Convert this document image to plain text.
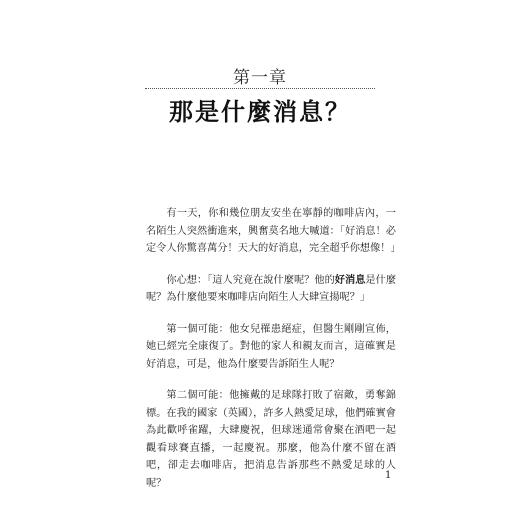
第一章
那是什麼消息？

有一天，你和幾位朋友安坐在寧靜的咖啡店內，一名陌生人突然衝進來，興奮莫名地大喊道：「好消息！必定令人你驚喜萬分！天大的好消息，完全超乎你想像！」

你心想：「這人究竟在說什麼呢？他的好消息是什麼呢？為什麼他要來咖啡店向陌生人大肆宣揚呢？」

第一個可能：他女兒罹患絕症，但醫生剛剛宣佈，她已經完全康復了。對他的家人和親友而言，這確實是好消息，可是，他為什麼要告訴陌生人呢？

第二個可能：他擁戴的足球隊打敗了宿敵，勇奪錦標。在我的國家（英國），許多人熱愛足球，他們確實會為此歡呼雀躍，大肆慶祝，但球迷通常會聚在酒吧一起觀看球賽直播，一起慶祝。那麼，他為什麼不留在酒吧，卻走去咖啡店，把消息告訴那些不熱愛足球的人呢？

1
